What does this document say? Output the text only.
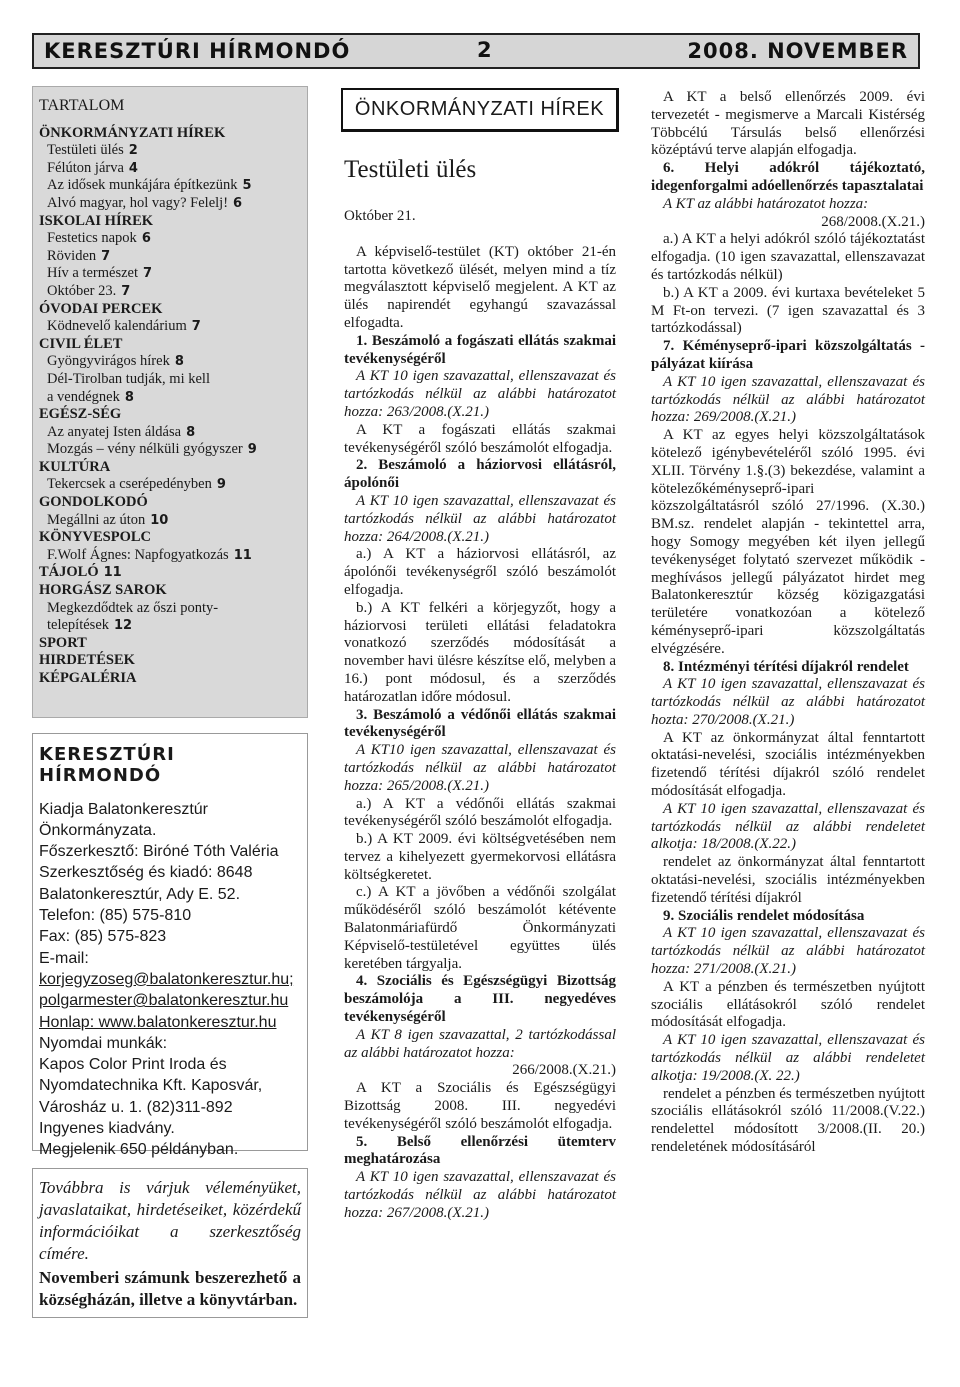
KERESZTÚRI HÍRMONDÓ	2	2008. NOVEMBER
TARTALOM
ÖNKORMÁNYZATI HÍREK
Testületi ülés 2
Félúton járva 4
Az idősek munkájára építkezünk 5
Alvó magyar, hol vagy? Felelj! 6
ISKOLAI HÍREK
Festetics napok 6
Röviden 7
Hív a természet 7
Október 23. 7
ÓVODAI PERCEK
Ködnevelő kalendárium 7
CIVIL ÉLET
Gyöngyvirágos hírek 8
Dél-Tirolban tudják, mi kell
a vendégnek 8
EGÉSZ-SÉG
Az anyatej Isten áldása 8
Mozgás – vény nélküli gyógyszer 9
KULTÚRA
Tekercsek a cserépedényben 9
GONDOLKODÓ
Megállni az úton 10
KÖNYVESPOLC
F.Wolf Ágnes: Napfogyatkozás 11
TÁJOLÓ 11
HORGÁSZ SAROK
Megkezdődtek az őszi ponty-
telepítések 12
SPORT
HIRDETÉSEK
KÉPGALÉRIA
KERESZTÚRI HÍRMONDÓ
Kiadja Balatonkeresztúr
Önkormányzata.
Főszerkesztő: Biróné Tóth Valéria
Szerkesztőség és kiadó: 8648
Balatonkeresztúr, Ady E. 52.
Telefon: (85) 575-810
Fax: (85) 575-823
E-mail:
korjegyzoseg@balatonkeresztur.hu;
polgarmester@balatonkeresztur.hu
Honlap: www.balatonkeresztur.hu
Nyomdai munkák:
Kapos Color Print Iroda és
Nyomdatechnika Kft. Kaposvár,
Városház u. 1. (82)311-892
Ingyenes kiadvány.
Megjelenik 650 példányban.
Továbbra is várjuk véleményüket, javaslataikat, hirdetéseiket, közérdekű információikat a szerkesztőség címére.
Novemberi számunk beszerezhető a községházán, illetve a könyvtárban.
ÖNKORMÁNYZATI HÍREK
Testületi ülés

Október 21.

A képviselő-testület (KT) október 21-én tartotta következő ülését, melyen mind a tíz megválasztott képviselő megjelent. A KT az ülés napirendét egyhangú szavazással elfogadta.

1. Beszámoló a fogászati ellátás szakmai tevékenységéről

A KT 10 igen szavazattal, ellenszavazat és tartózkodás nélkül az alábbi határozatot hozza: 263/2008.(X.21.)

A KT a fogászati ellátás szakmai tevékenységéről szóló beszámolót elfogadja.

2. Beszámoló a háziorvosi ellátásról, ápolónői

A KT 10 igen szavazattal, ellenszavazat és tartózkodás nélkül az alábbi határozatot hozza: 264/2008.(X.21.)

a.) A KT a háziorvosi ellátásról, az ápolónői tevékenységről szóló beszámolót elfogadja.

b.) A KT felkéri a körjegyzőt, hogy a háziorvosi területi ellátási feladatokra vonatkozó szerződés módosítását a november havi ülésre készítse elő, melyben a 16.) pont módosul, és a szerződés határozatlan időre módosul.

3. Beszámoló a védőnői ellátás szakmai tevékenységéről

A KT10 igen szavazattal, ellenszavazat és tartózkodás nélkül az alábbi határozatot hozza: 265/2008.(X.21.)

a.) A KT a védőnői ellátás szakmai tevékenységéről szóló beszámolót elfogadja.

b.) A KT 2009. évi költségvetésében nem tervez a kihelyezett gyermekorvosi ellátásra költségkeretet.

c.) A KT a jövőben a védőnői szolgálat működéséről szóló beszámolót kétévente Balatonmáriafürdő Önkormányzati Képviselő-testületével együttes ülés keretében tárgyalja.

4. Szociális és Egészségügyi Bizottság beszámolója a III. negyedéves tevékenységéről

A KT 8 igen szavazattal, 2 tartózkodással az alábbi határozatot hozza:

266/2008.(X.21.)

A KT a Szociális és Egészségügyi Bizottság 2008. III. negyedévi tevékenységéről szóló beszámolót elfogadja.

5. Belső ellenőrzési ütemterv meghatározása

A KT 10 igen szavazattal, ellenszavazat és tartózkodás nélkül az alábbi határozatot hozza: 267/2008.(X.21.)

A KT a belső ellenőrzés 2009. évi tervezetét - megismerve a Marcali Kistérség Többcélú Társulás belső ellenőrzési középtávú terve alapján elfogadja.

6. Helyi adókról tájékoztató, idegenforgalmi adóellenőrzés tapasztalatai

A KT az alábbi határozatot hozza:

268/2008.(X.21.)

a.) A KT a helyi adókról szóló tájékoztatást elfogadja. (10 igen szavazattal, ellenszavazat és tartózkodás nélkül)

b.) A KT a 2009. évi kurtaxa bevételeket 5 M Ft-on tervezi. (7 igen szavazattal és 3 tartózkodással)

7. Kéményseprő-ipari közszolgáltatás - pályázat kiírása

A KT 10 igen szavazattal, ellenszavazat és tartózkodás nélkül az alábbi határozatot hozza: 269/2008.(X.21.)

A KT az egyes helyi közszolgáltatások kötelező igénybevételéről szóló 1995. évi XLII. Törvény 1.§.(3) bekezdése, valamint a kötelezőkéményseprő-ipari közszolgáltatásról szóló 27/1996. (X.30.) BM.sz. rendelet alapján - tekintettel arra, hogy Somogy megyében két ilyen jellegű tevékenységet folytató szervezet működik - meghívásos jellegű pályázatot hirdet meg Balatonkeresztúr község közigazgatási területére vonatkozóan a kötelező kéményseprő-ipari közszolgáltatás elvégzésére.

8. Intézményi térítési díjakról rendelet

A KT 10 igen szavazattal, ellenszavazat és tartózkodás nélkül az alábbi határozatot hozta: 270/2008.(X.21.)

A KT az önkormányzat által fenntartott oktatási-nevelési, szociális intézményekben fizetendő térítési díjakról szóló rendelet módosítását elfogadja.

A KT 10 igen szavazattal, ellenszavazat és tartózkodás nélkül az alábbi rendeletet alkotja: 18/2008.(X.22.)

rendelet az önkormányzat által fenntartott oktatási-nevelési, szociális intézményekben fizetendő térítési díjakról

9. Szociális rendelet módosítása

A KT 10 igen szavazattal, ellenszavazat és tartózkodás nélkül az alábbi határozatot hozza: 271/2008.(X.21.)

A KT a pénzben és természetben nyújtott szociális ellátásokról szóló rendelet módosítását elfogadja.

A KT 10 igen szavazattal, ellenszavazat és tartózkodás nélkül az alábbi rendeletet alkotja: 19/2008.(X. 22.)

rendelet a pénzben és természetben nyújtott szociális ellátásokról szóló 11/2008.(V.22.) rendelettel módosított 3/2008.(II. 20.) rendeletének módosításáról
